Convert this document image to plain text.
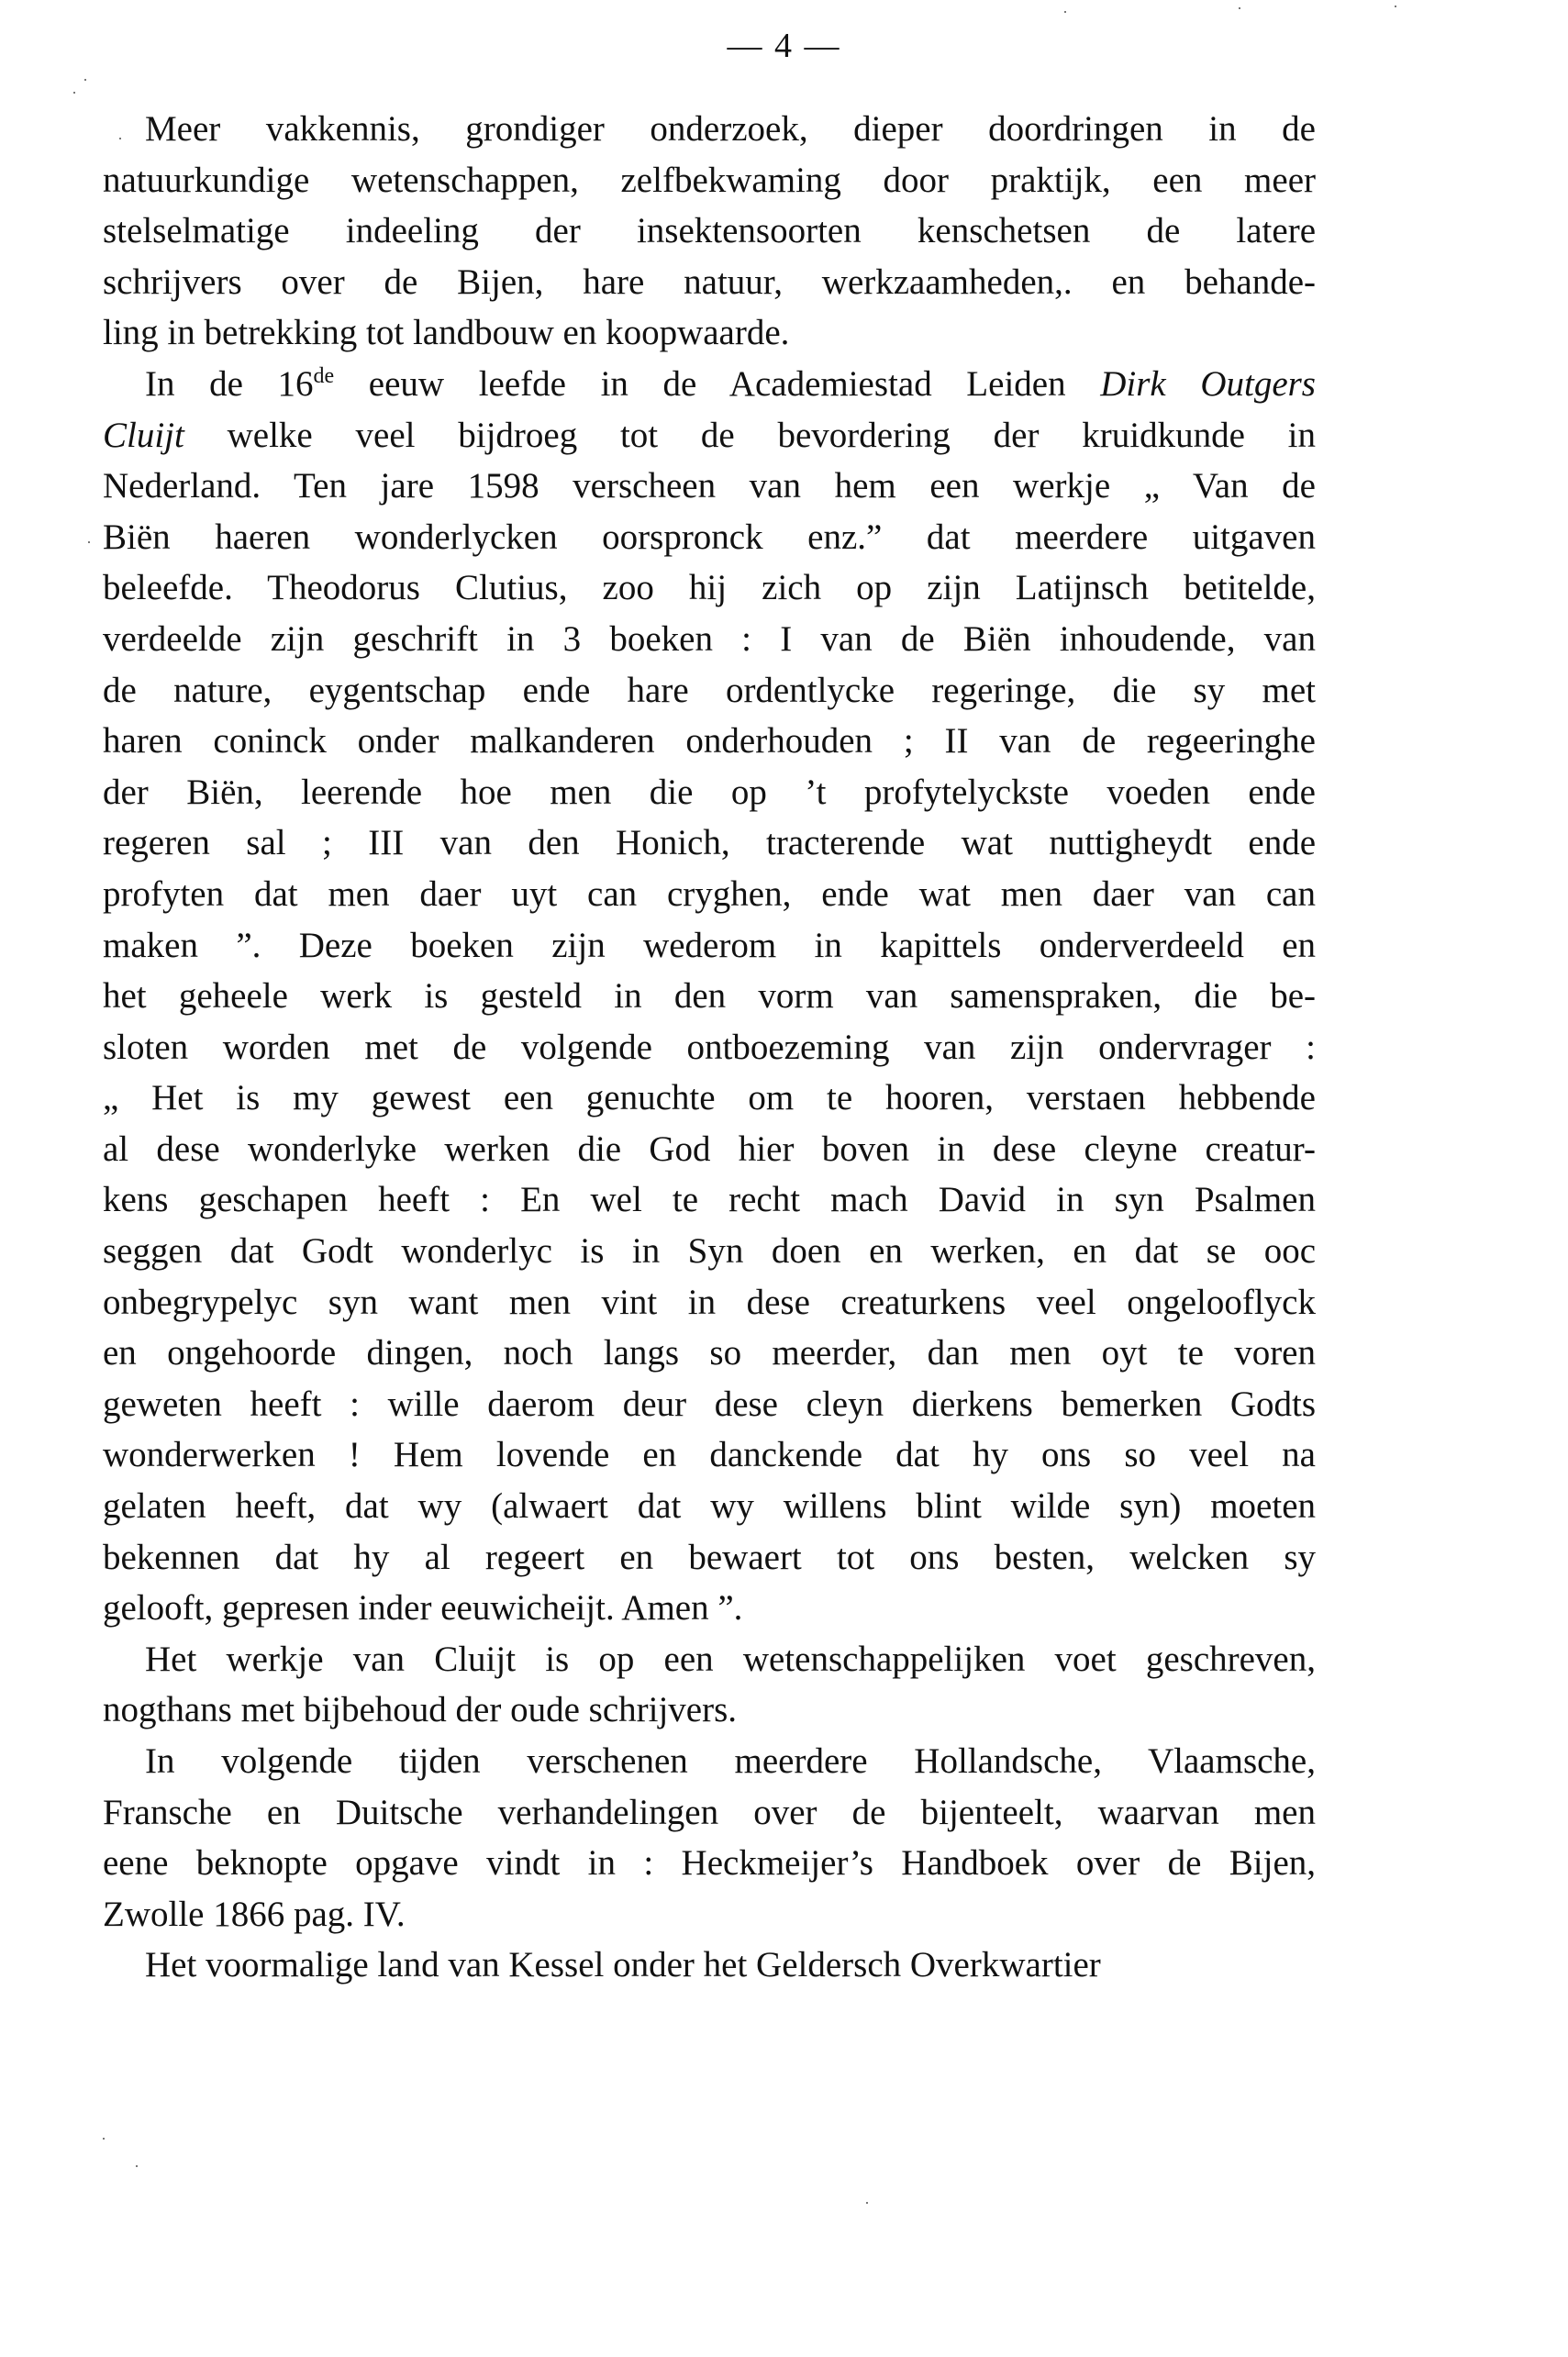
— 4 —
Meer vakkennis, grondiger onderzoek, dieper doordringen in de
natuurkundige wetenschappen, zelfbekwaming door praktijk, een meer
stelselmatige indeeling der insektensoorten kenschetsen de latere
schrijvers over de Bijen, hare natuur, werkzaamheden,. en behande-
ling in betrekking tot landbouw en koopwaarde.
In de 16de eeuw leefde in de Academiestad Leiden Dirk Outgers
Cluijt welke veel bijdroeg tot de bevordering der kruidkunde in
Nederland. Ten jare 1598 verscheen van hem een werkje „ Van de
Biën haeren wonderlycken oorspronck enz.” dat meerdere uitgaven
beleefde. Theodorus Clutius, zoo hij zich op zijn Latijnsch betitelde,
verdeelde zijn geschrift in 3 boeken : I van de Biën inhoudende, van
de nature, eygentschap ende hare ordentlycke regeringe, die sy met
haren coninck onder malkanderen onderhouden ; II van de regeeringhe
der Biën, leerende hoe men die op ’t profytelyckste voeden ende
regeren sal ; III van den Honich, tracterende wat nuttigheydt ende
profyten dat men daer uyt can cryghen, ende wat men daer van can
maken ”. Deze boeken zijn wederom in kapittels onderverdeeld en
het geheele werk is gesteld in den vorm van samenspraken, die be-
sloten worden met de volgende ontboezeming van zijn ondervrager :
„ Het is my gewest een genuchte om te hooren, verstaen hebbende
al dese wonderlyke werken die God hier boven in dese cleyne creatur-
kens geschapen heeft : En wel te recht mach David in syn Psalmen
seggen dat Godt wonderlyc is in Syn doen en werken, en dat se ooc
onbegrypelyc syn want men vint in dese creaturkens veel ongelooflyck
en ongehoorde dingen, noch langs so meerder, dan men oyt te voren
geweten heeft : wille daerom deur dese cleyn dierkens bemerken Godts
wonderwerken ! Hem lovende en danckende dat hy ons so veel na
gelaten heeft, dat wy (alwaert dat wy willens blint wilde syn) moeten
bekennen dat hy al regeert en bewaert tot ons besten, welcken sy
gelooft, gepresen inder eeuwicheijt. Amen ”.
Het werkje van Cluijt is op een wetenschappelijken voet geschreven,
nogthans met bijbehoud der oude schrijvers.
In volgende tijden verschenen meerdere Hollandsche, Vlaamsche,
Fransche en Duitsche verhandelingen over de bijenteelt, waarvan men
eene beknopte opgave vindt in : Heckmeijer’s Handboek over de Bijen,
Zwolle 1866 pag. IV.
Het voormalige land van Kessel onder het Geldersch Overkwartier
